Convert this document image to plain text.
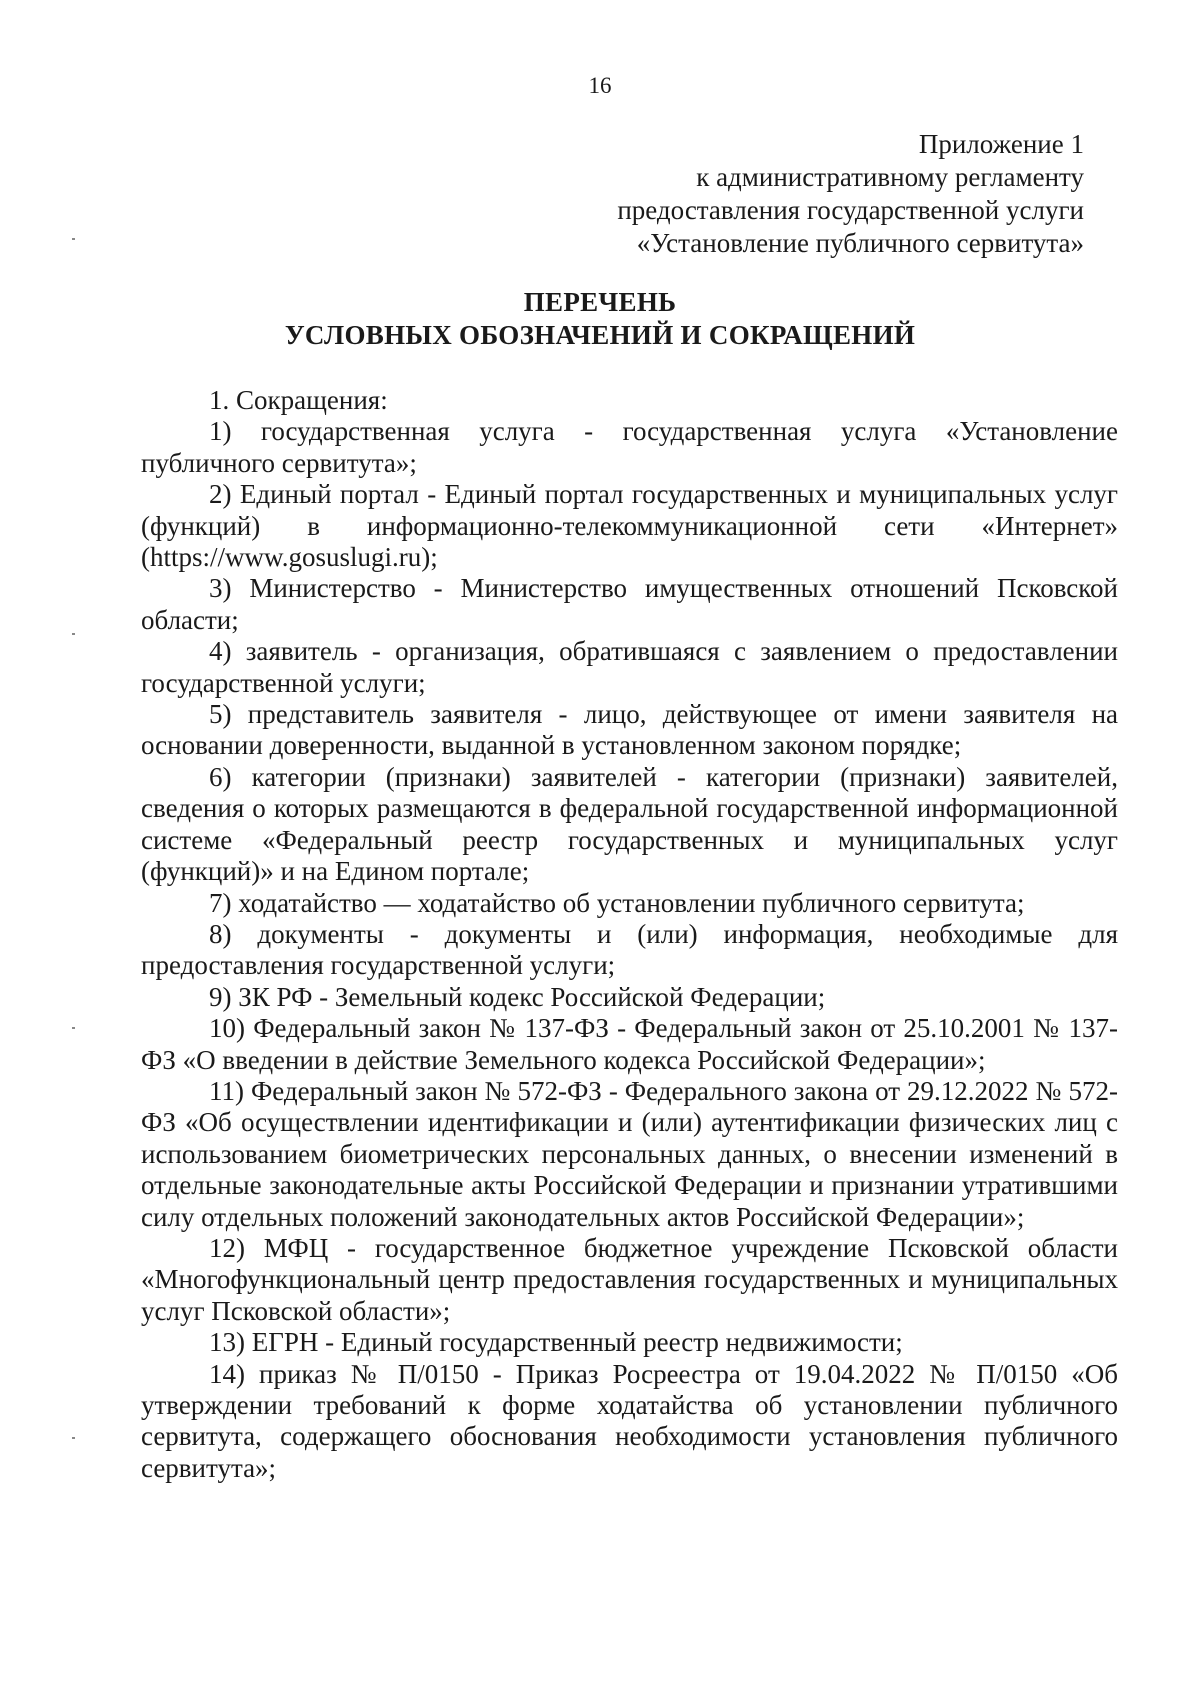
16
Приложение 1
к административному регламенту
предоставления государственной услуги
«Установление публичного сервитута»
ПЕРЕЧЕНЬ
УСЛОВНЫХ ОБОЗНАЧЕНИЙ И СОКРАЩЕНИЙ

1. Сокращения:

1) государственная услуга - государственная услуга «Установление публичного сервитута»;

2) Единый портал - Единый портал государственных и муниципальных услуг (функций) в информационно-телекоммуникационной сети «Интернет» (https://www.gosuslugi.ru);

3) Министерство - Министерство имущественных отношений Псковской области;

4) заявитель - организация, обратившаяся с заявлением о предоставлении государственной услуги;

5) представитель заявителя - лицо, действующее от имени заявителя на основании доверенности, выданной в установленном законом порядке;

6) категории (признаки) заявителей - категории (признаки) заявителей, сведения о которых размещаются в федеральной государственной информационной системе «Федеральный реестр государственных и муниципальных услуг (функций)» и на Едином портале;

7) ходатайство — ходатайство об установлении публичного сервитута;

8) документы - документы и (или) информация, необходимые для предоставления государственной услуги;

9) ЗК РФ - Земельный кодекс Российской Федерации;

10) Федеральный закон № 137-ФЗ - Федеральный закон от 25.10.2001 № 137-ФЗ «О введении в действие Земельного кодекса Российской Федерации»;

11) Федеральный закон № 572-ФЗ - Федерального закона от 29.12.2022 № 572-ФЗ «Об осуществлении идентификации и (или) аутентификации физических лиц с использованием биометрических персональных данных, о внесении изменений в отдельные законодательные акты Российской Федерации и признании утратившими силу отдельных положений законодательных актов Российской Федерации»;

12) МФЦ - государственное бюджетное учреждение Псковской области «Многофункциональный центр предоставления государственных и муниципальных услуг Псковской области»;

13) ЕГРН - Единый государственный реестр недвижимости;

14) приказ № П/0150 - Приказ Росреестра от 19.04.2022 № П/0150 «Об утверждении требований к форме ходатайства об установлении публичного сервитута, содержащего обоснования необходимости установления публичного сервитута»;
